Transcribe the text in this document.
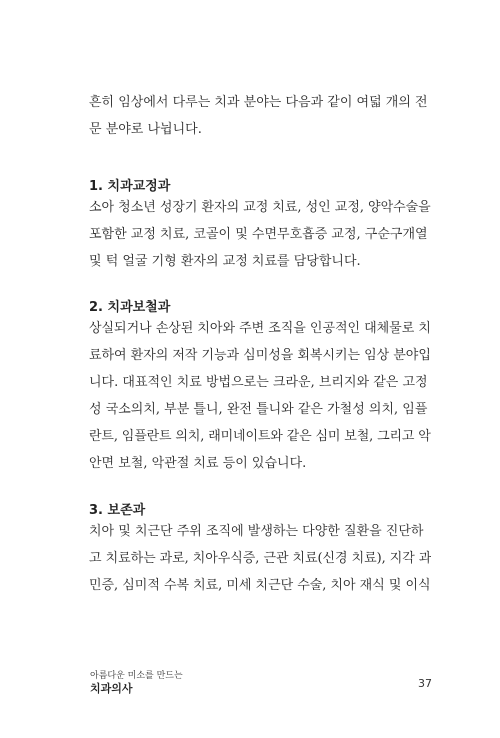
흔히 임상에서 다루는 치과 분야는 다음과 같이 여덟 개의 전
문 분야로 나뉩니다.
1. 치과교정과
소아 청소년 성장기 환자의 교정 치료, 성인 교정, 양악수술을
포함한 교정 치료, 코골이 및 수면무호흡증 교정, 구순구개열
및 턱 얼굴 기형 환자의 교정 치료를 담당합니다.
2. 치과보철과
상실되거나 손상된 치아와 주변 조직을 인공적인 대체물로 치
료하여 환자의 저작 기능과 심미성을 회복시키는 임상 분야입
니다. 대표적인 치료 방법으로는 크라운, 브리지와 같은 고정
성 국소의치, 부분 틀니, 완전 틀니와 같은 가철성 의치, 임플
란트, 임플란트 의치, 래미네이트와 같은 심미 보철, 그리고 악
안면 보철, 악관절 치료 등이 있습니다.
3. 보존과
치아 및 치근단 주위 조직에 발생하는 다양한 질환을 진단하
고 치료하는 과로, 치아우식증, 근관 치료(신경 치료), 지각 과
민증, 심미적 수복 치료, 미세 치근단 수술, 치아 재식 및 이식
아름다운 미소를 만드는
치과의사	37
